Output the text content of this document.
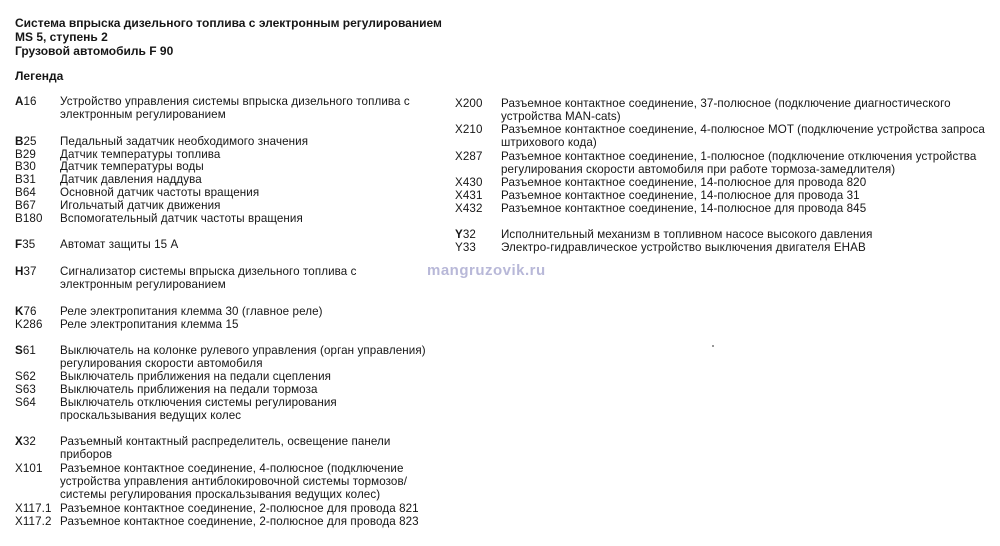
Система впрыска дизельного топлива с электронным регулированием
MS 5, ступень 2
Грузовой автомобиль F 90
Легенда
mangruzovik.ru
A16 Устройство управления системы впрыска дизельного топлива с
электронным регулированием
B25 Педальный задатчик необходимого значения
B29 Датчик температуры топлива
B30 Датчик температуры воды
B31 Датчик давления наддува
B64 Основной датчик частоты вращения
B67 Игольчатый датчик движения
B180 Вспомогательный датчик частоты вращения
F35 Автомат защиты 15 А
H37 Сигнализатор системы впрыска дизельного топлива с
электронным регулированием
K76 Реле электропитания клемма 30 (главное реле)
K286 Реле электропитания клемма 15
S61 Выключатель на колонке рулевого управления (орган управления)
регулирования скорости автомобиля
S62 Выключатель приближения на педали сцепления
S63 Выключатель приближения на педали тормоза
S64 Выключатель отключения системы регулирования
проскальзывания ведущих колес
X32 Разъемный контактный распределитель, освещение панели
приборов
X101 Разъемное контактное соединение, 4-полюсное (подключение
устройства управления антиблокировочной системы тормозов/
системы регулирования проскальзывания ведущих колес)
X117.1 Разъемное контактное соединение, 2-полюсное для провода 821
X117.2 Разъемное контактное соединение, 2-полюсное для провода 823
X200 Разъемное контактное соединение, 37-полюсное (подключение диагностического
устройства MAN-cats)
X210 Разъемное контактное соединение, 4-полюсное MOT (подключение устройства запроса
штрихового кода)
X287 Разъемное контактное соединение, 1-полюсное (подключение отключения устройства
регулирования скорости автомобиля при работе тормоза-замедлителя)
X430 Разъемное контактное соединение, 14-полюсное для провода 820
X431 Разъемное контактное соединение, 14-полюсное для провода 31
X432 Разъемное контактное соединение, 14-полюсное для провода 845
Y32 Исполнительный механизм в топливном насосе высокого давления
Y33 Электро-гидравлическое устройство выключения двигателя EHAB
